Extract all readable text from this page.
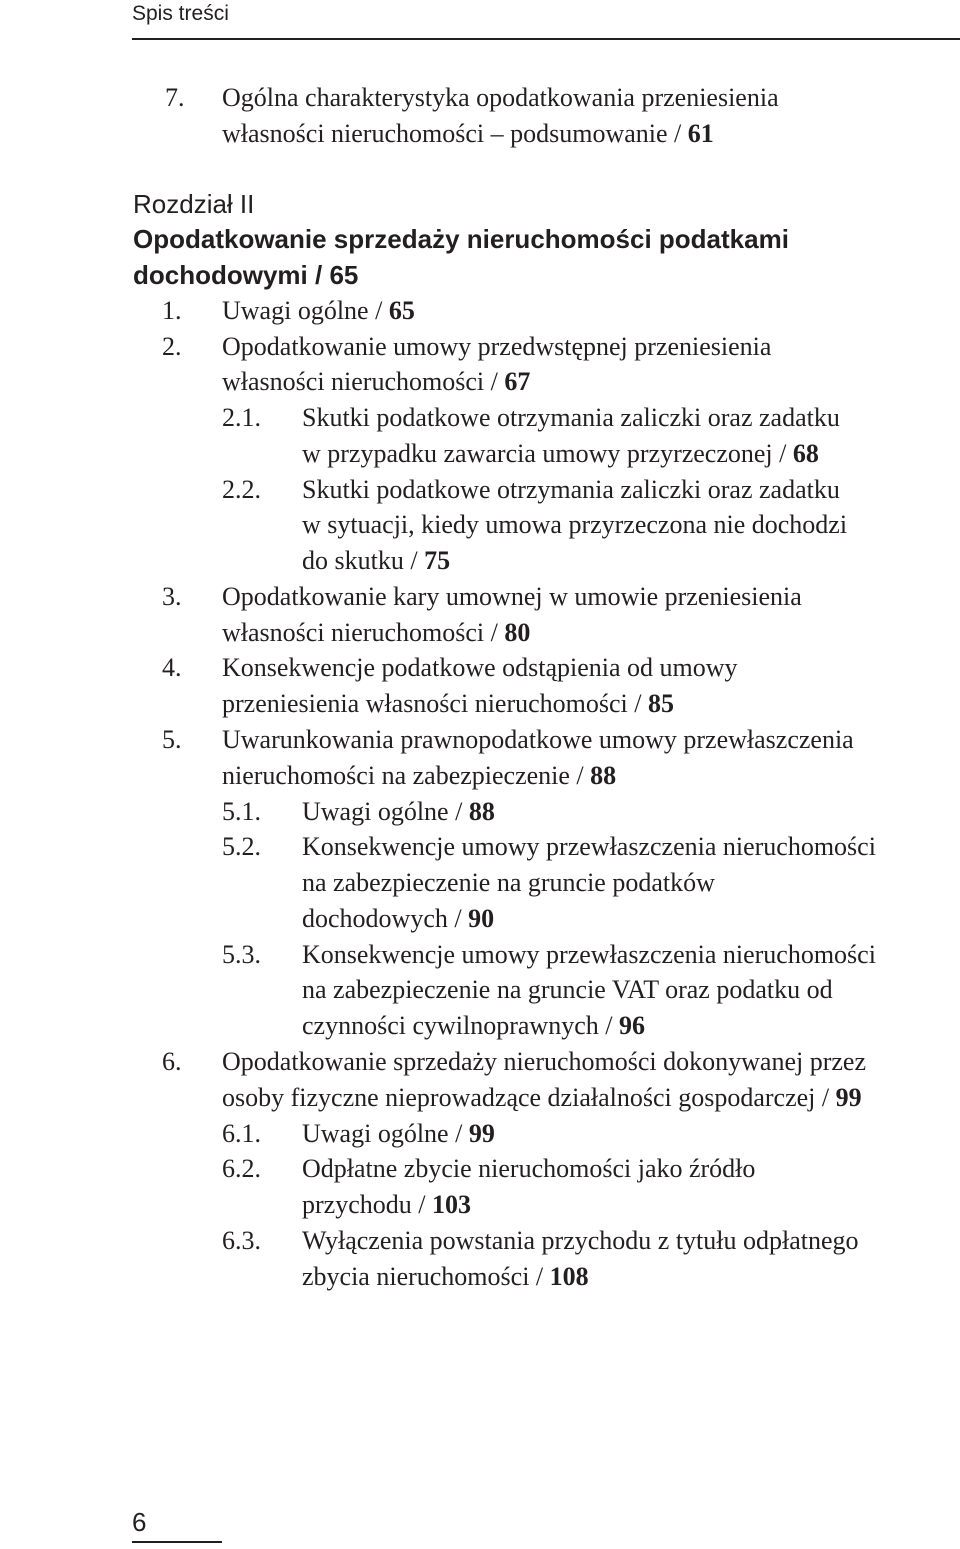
Spis treści
7. Ogólna charakterystyka opodatkowania przeniesienia
własności nieruchomości – podsumowanie / 61
Rozdział II
Opodatkowanie sprzedaży nieruchomości podatkami
dochodowymi / 65
1. Uwagi ogólne / 65
2. Opodatkowanie umowy przedwstępnej przeniesienia
własności nieruchomości / 67
2.1. Skutki podatkowe otrzymania zaliczki oraz zadatku
w przypadku zawarcia umowy przyrzeczonej / 68
2.2. Skutki podatkowe otrzymania zaliczki oraz zadatku
w sytuacji, kiedy umowa przyrzeczona nie dochodzi
do skutku / 75
3. Opodatkowanie kary umownej w umowie przeniesienia
własności nieruchomości / 80
4. Konsekwencje podatkowe odstąpienia od umowy
przeniesienia własności nieruchomości / 85
5. Uwarunkowania prawnopodatkowe umowy przewłaszczenia
nieruchomości na zabezpieczenie / 88
5.1. Uwagi ogólne / 88
5.2. Konsekwencje umowy przewłaszczenia nieruchomości
na zabezpieczenie na gruncie podatków
dochodowych / 90
5.3. Konsekwencje umowy przewłaszczenia nieruchomości
na zabezpieczenie na gruncie VAT oraz podatku od
czynności cywilnoprawnych / 96
6. Opodatkowanie sprzedaży nieruchomości dokonywanej przez
osoby fizyczne nieprowadzące działalności gospodarczej / 99
6.1. Uwagi ogólne / 99
6.2. Odpłatne zbycie nieruchomości jako źródło
przychodu / 103
6.3. Wyłączenia powstania przychodu z tytułu odpłatnego
zbycia nieruchomości / 108
6
